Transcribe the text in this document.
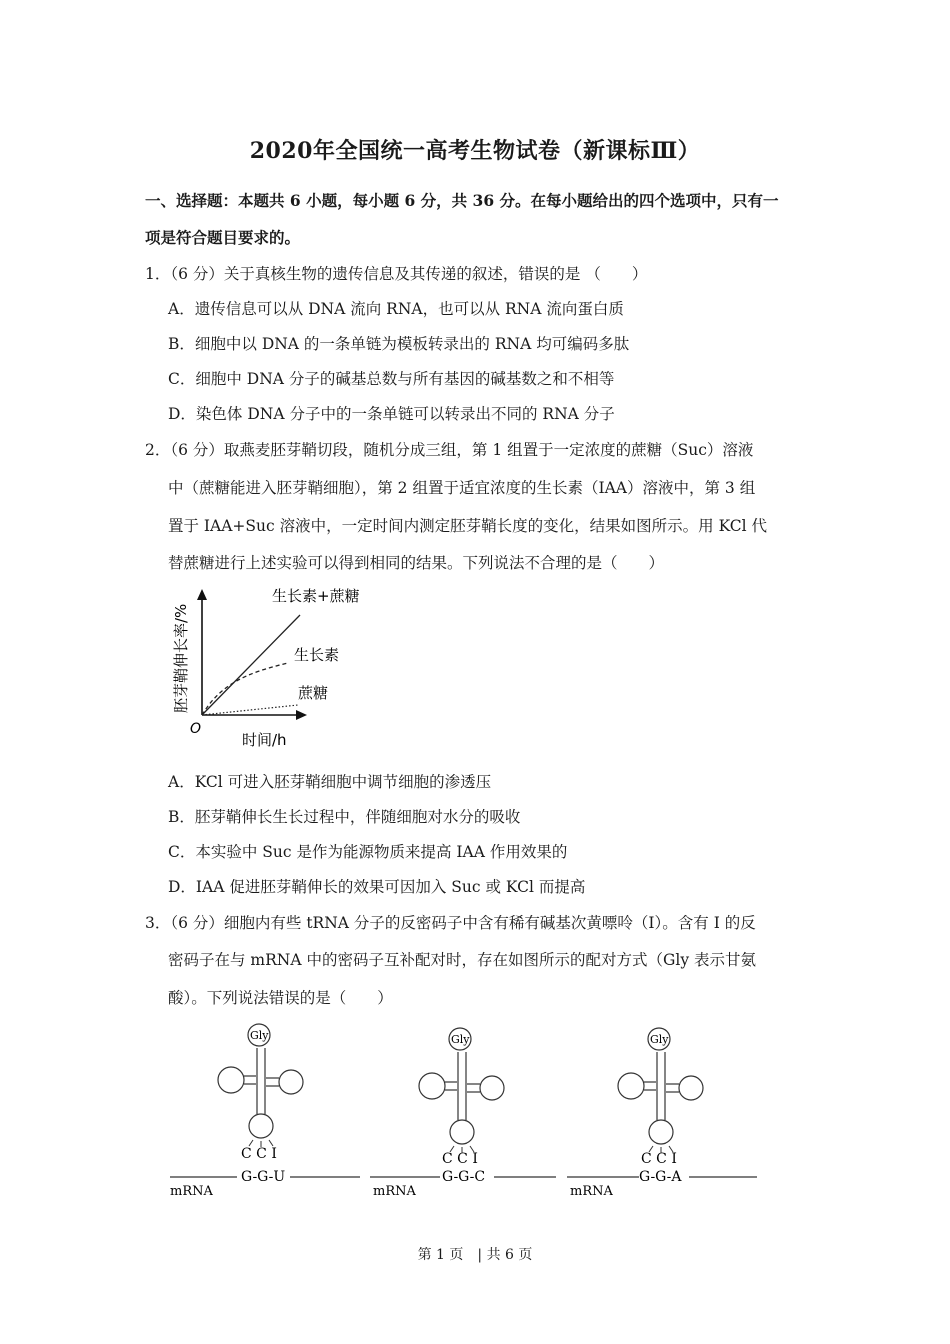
2020年全国统一高考生物试卷（新课标Ⅲ）
一、选择题：本题共 6 小题，每小题 6 分，共 36 分。在每小题给出的四个选项中，只有一
项是符合题目要求的。
1．（6 分）关于真核生物的遗传信息及其传递的叙述，错误的是 （　　）
A．遗传信息可以从 DNA 流向 RNA，也可以从 RNA 流向蛋白质
B．细胞中以 DNA 的一条单链为模板转录出的 RNA 均可编码多肽
C．细胞中 DNA 分子的碱基总数与所有基因的碱基数之和不相等
D．染色体 DNA 分子中的一条单链可以转录出不同的 RNA 分子
2．（6 分）取燕麦胚芽鞘切段，随机分成三组，第 1 组置于一定浓度的蔗糖（Suc）溶液
中（蔗糖能进入胚芽鞘细胞），第 2 组置于适宜浓度的生长素（IAA）溶液中，第 3 组
置于 IAA+Suc 溶液中，一定时间内测定胚芽鞘长度的变化，结果如图所示。用 KCl 代
替蔗糖进行上述实验可以得到相同的结果。下列说法不合理的是（　　）
O
时间/h
胚芽鞘伸长率/%
生长素+蔗糖
生长素
蔗糖
A．KCl 可进入胚芽鞘细胞中调节细胞的渗透压
B．胚芽鞘伸长生长过程中，伴随细胞对水分的吸收
C．本实验中 Suc 是作为能源物质来提高 IAA 作用效果的
D．IAA 促进胚芽鞘伸长的效果可因加入 Suc 或 KCl 而提高
3．（6 分）细胞内有些 tRNA 分子的反密码子中含有稀有碱基次黄嘌呤（I）。含有 I 的反
密码子在与 mRNA 中的密码子互补配对时，存在如图所示的配对方式（Gly 表示甘氨
酸）。下列说法错误的是（　　）
mRNA
G-G-U
C C I
Gly
mRNA
G-G-C
C C I
Gly
mRNA
G-G-A
C C I
Gly
第 1 页　| 共 6 页
